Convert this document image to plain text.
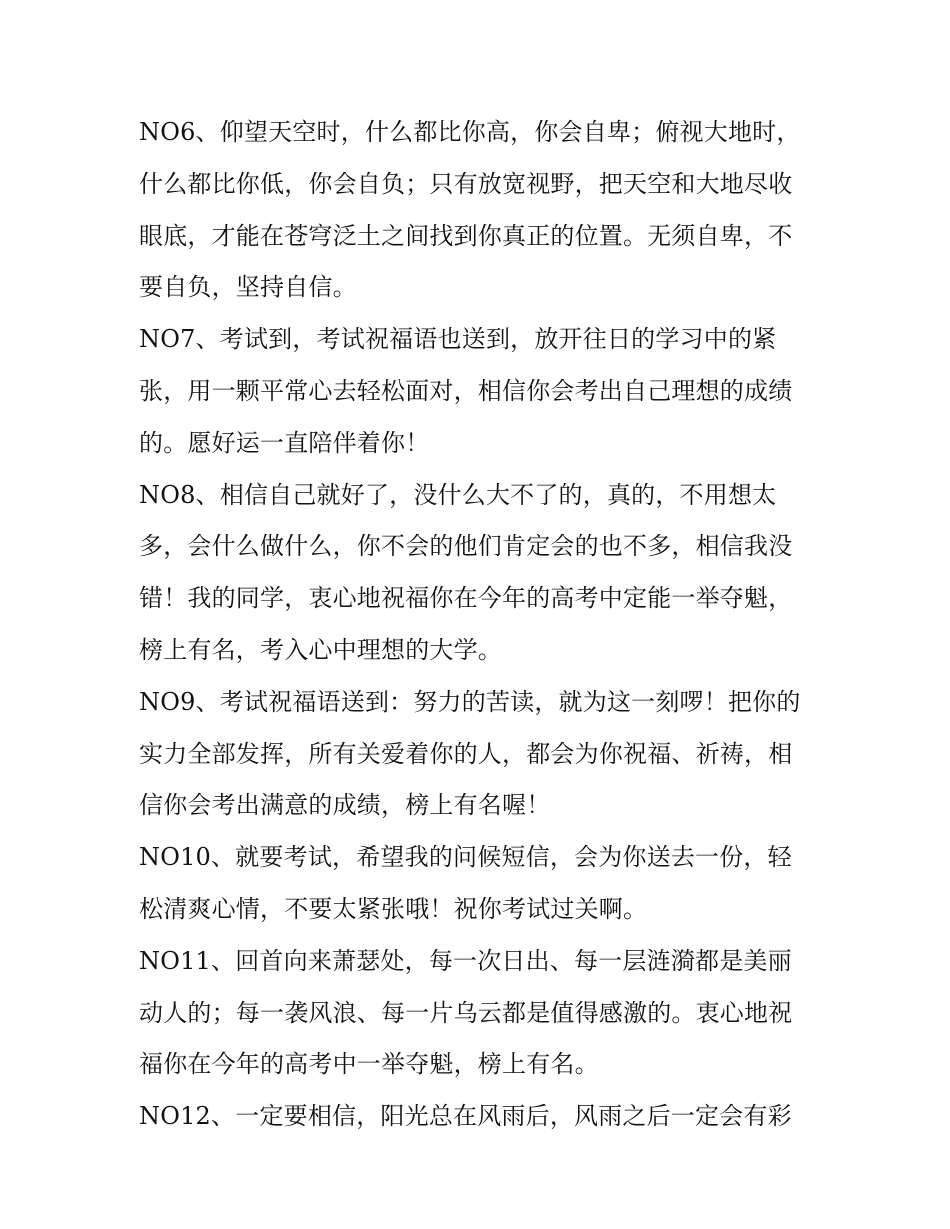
NO6、仰望天空时，什么都比你高，你会自卑；俯视大地时，
什么都比你低，你会自负；只有放宽视野，把天空和大地尽收
眼底，才能在苍穹泛土之间找到你真正的位置。无须自卑，不
要自负，坚持自信。
NO7、考试到，考试祝福语也送到，放开往日的学习中的紧
张，用一颗平常心去轻松面对，相信你会考出自己理想的成绩
的。愿好运一直陪伴着你！
NO8、相信自己就好了，没什么大不了的，真的，不用想太
多，会什么做什么，你不会的他们肯定会的也不多，相信我没
错！我的同学，衷心地祝福你在今年的高考中定能一举夺魁，
榜上有名，考入心中理想的大学。
NO9、考试祝福语送到：努力的苦读，就为这一刻啰！把你的
实力全部发挥，所有关爱着你的人，都会为你祝福、祈祷，相
信你会考出满意的成绩，榜上有名喔！
NO10、就要考试，希望我的问候短信，会为你送去一份，轻
松清爽心情，不要太紧张哦！祝你考试过关啊。
NO11、回首向来萧瑟处，每一次日出、每一层涟漪都是美丽
动人的；每一袭风浪、每一片乌云都是值得感激的。衷心地祝
福你在今年的高考中一举夺魁，榜上有名。
NO12、一定要相信，阳光总在风雨后，风雨之后一定会有彩
